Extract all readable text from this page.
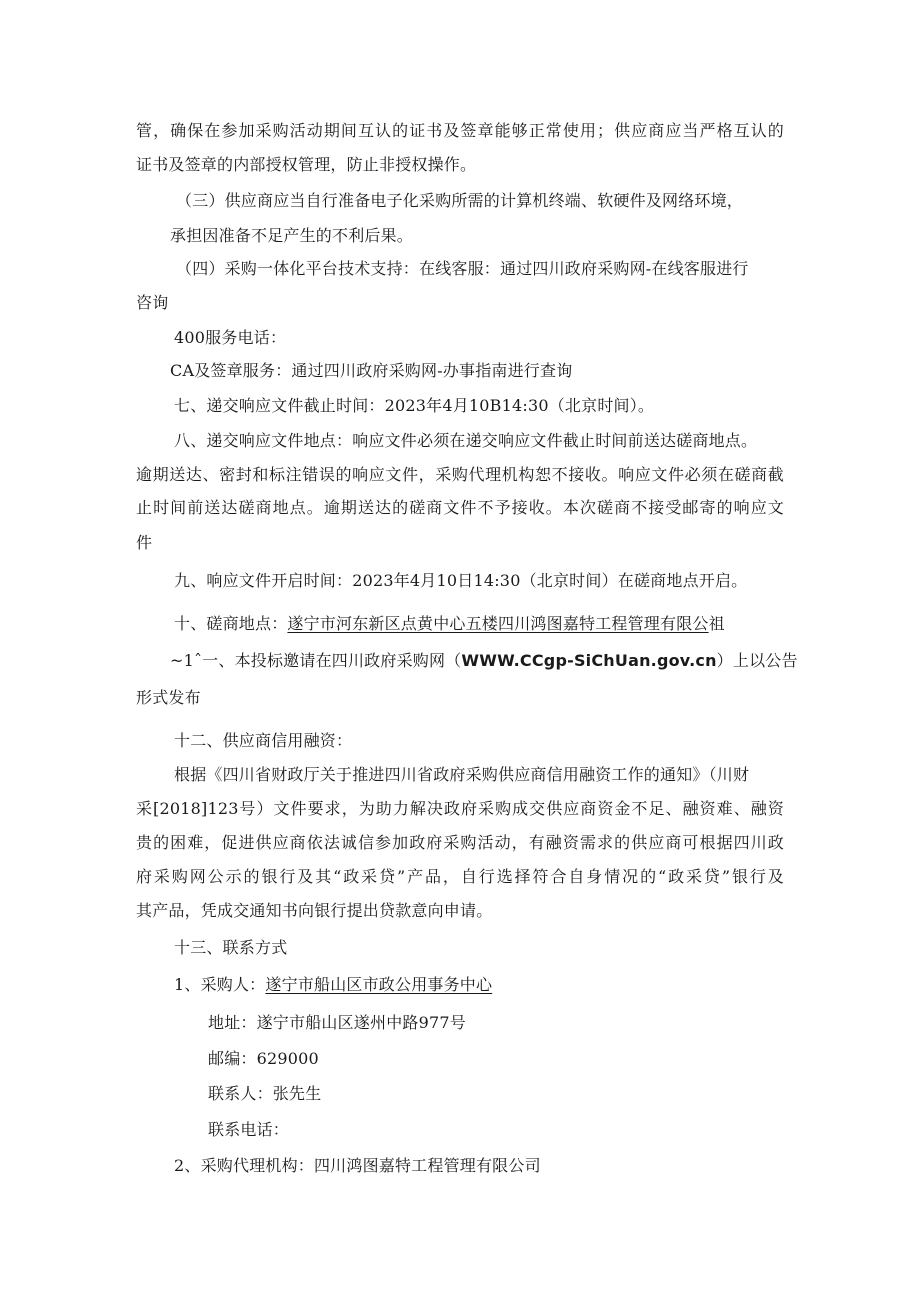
管，确保在参加采购活动期间互认的证书及签章能够正常使用；供应商应当严格互认的
证书及签章的内部授权管理，防止非授权操作。
（三）供应商应当自行准备电子化采购所需的计算机终端、软硬件及网络环境，
承担因准备不足产生的不利后果。
（四）采购一体化平台技术支持：在线客服：通过四川政府采购网-在线客服进行
咨询
400服务电话：
CA及签章服务：通过四川政府采购网-办事指南进行查询
七、递交响应文件截止时间：2023年4月10B14:30（北京时间）。
八、递交响应文件地点：响应文件必须在递交响应文件截止时间前送达磋商地点。
逾期送达、密封和标注错误的响应文件，采购代理机构恕不接收。响应文件必须在磋商截
止时间前送达磋商地点。逾期送达的磋商文件不予接收。本次磋商不接受邮寄的响应文
件
九、响应文件开启时间：2023年4月10日14:30（北京时间）在磋商地点开启。
十、磋商地点：遂宁市河东新区点黄中心五楼四川鸿图嘉特工程管理有限公祖
~1ˆ一、本投标邀请在四川政府采购网（WWW.CCgp-SiChUan.gov.cn）上以公告
形式发布
十二、供应商信用融资：
根据《四川省财政厅关于推进四川省政府采购供应商信用融资工作的通知》（川财
采[2018]123号）文件要求，为助力解决政府采购成交供应商资金不足、融资难、融资
贵的困难，促进供应商依法诚信参加政府采购活动，有融资需求的供应商可根据四川政
府采购网公示的银行及其“政采贷”产品，自行选择符合自身情况的“政采贷”银行及
其产品，凭成交通知书向银行提出贷款意向申请。
十三、联系方式
1、采购人：遂宁市船山区市政公用事务中心
地址：遂宁市船山区遂州中路977号
邮编：629000
联系人：张先生
联系电话：
2、采购代理机构：四川鸿图嘉特工程管理有限公司
